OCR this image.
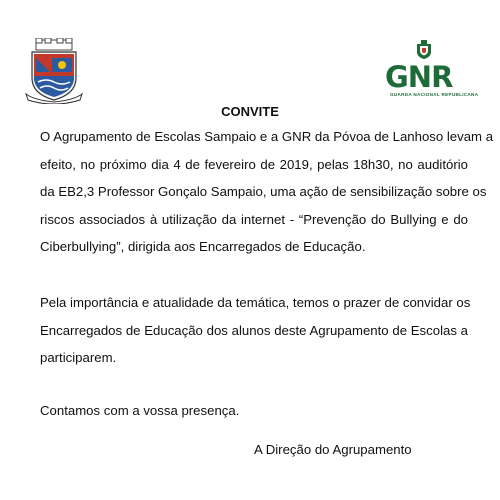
GNR
GUARDA NACIONAL REPUBLICANA
CONVITE
O Agrupamento de Escolas Sampaio e a GNR da Póvoa de Lanhoso levam a
efeito, no próximo dia 4 de fevereiro de 2019, pelas 18h30, no auditório
da EB2,3 Professor Gonçalo Sampaio, uma ação de sensibilização sobre os
riscos associados à utilização da internet - “Prevenção do Bullying e do
Ciberbullying”, dirigida aos Encarregados de Educação.
Pela importância e atualidade da temática, temos o prazer de convidar os
Encarregados de Educação dos alunos deste Agrupamento de Escolas a
participarem.
Contamos com a vossa presença.
A Direção do Agrupamento
